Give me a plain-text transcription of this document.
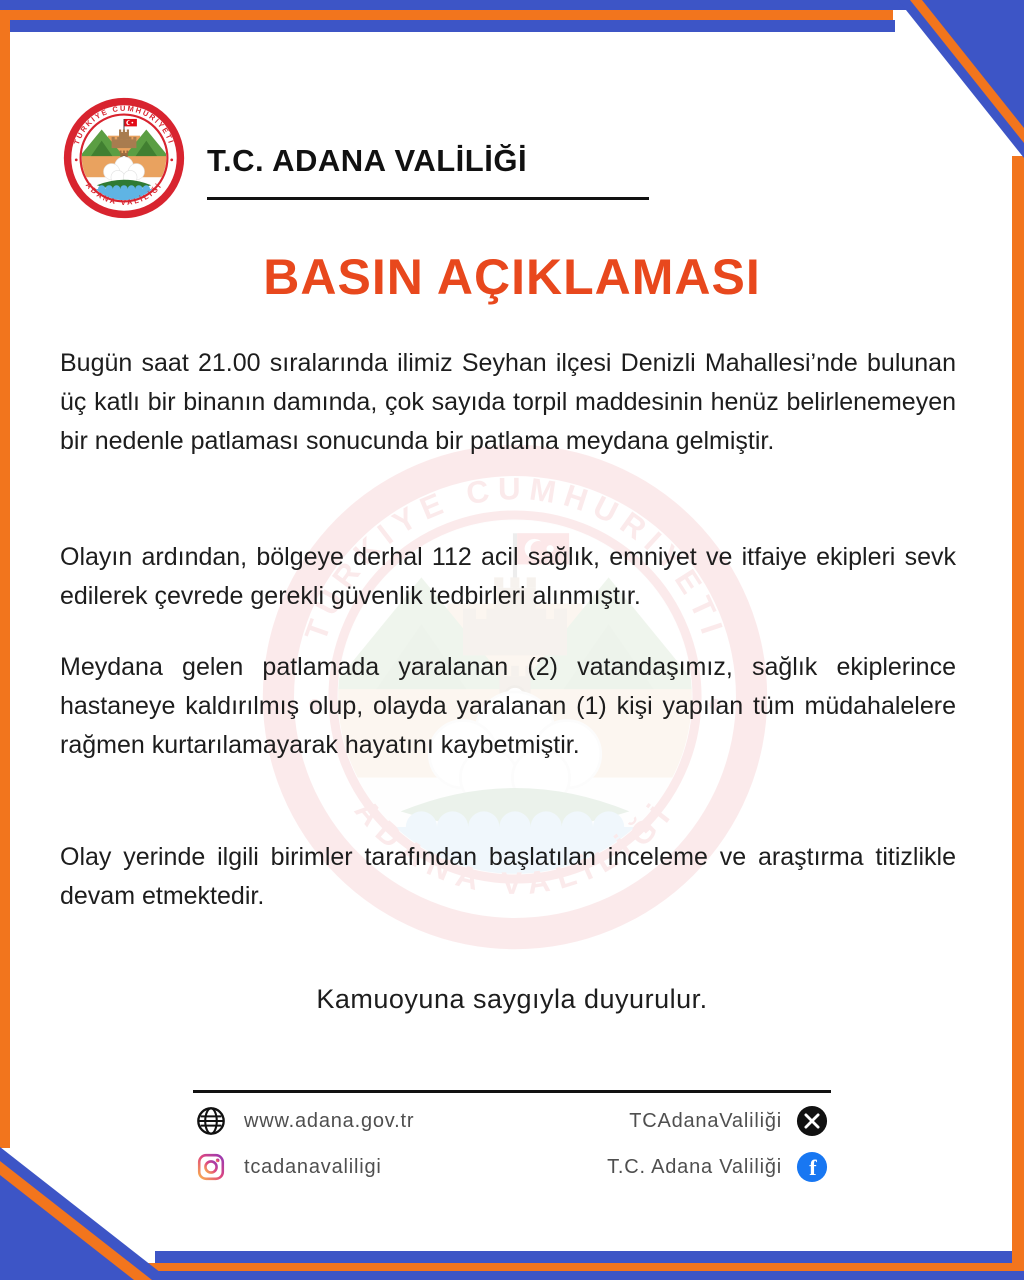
T.C. ADANA VALİLİĞİ
BASIN AÇIKLAMASI

Bugün saat 21.00 sıralarında ilimiz Seyhan ilçesi Denizli Mahallesi’nde bulunan üç katlı bir binanın damında, çok sayıda torpil maddesinin henüz belirlenemeyen bir nedenle patlaması sonucunda bir patlama meydana gelmiştir.

Olayın ardından, bölgeye derhal 112 acil sağlık, emniyet ve itfaiye ekipleri sevk edilerek çevrede gerekli güvenlik tedbirleri alınmıştır.

Meydana gelen patlamada yaralanan (2) vatandaşımız, sağlık ekiplerince hastaneye kaldırılmış olup, olayda yaralanan (1) kişi yapılan tüm müdahalelere rağmen kurtarılamayarak hayatını kaybetmiştir.

Olay yerinde ilgili birimler tarafından başlatılan inceleme ve araştırma titizlikle devam etmektedir.

Kamuoyuna saygıyla duyurulur.

www.adana.gov.tr
tcadanavaliligi
TCAdanaValiliği
T.C. Adana Valiliği f
